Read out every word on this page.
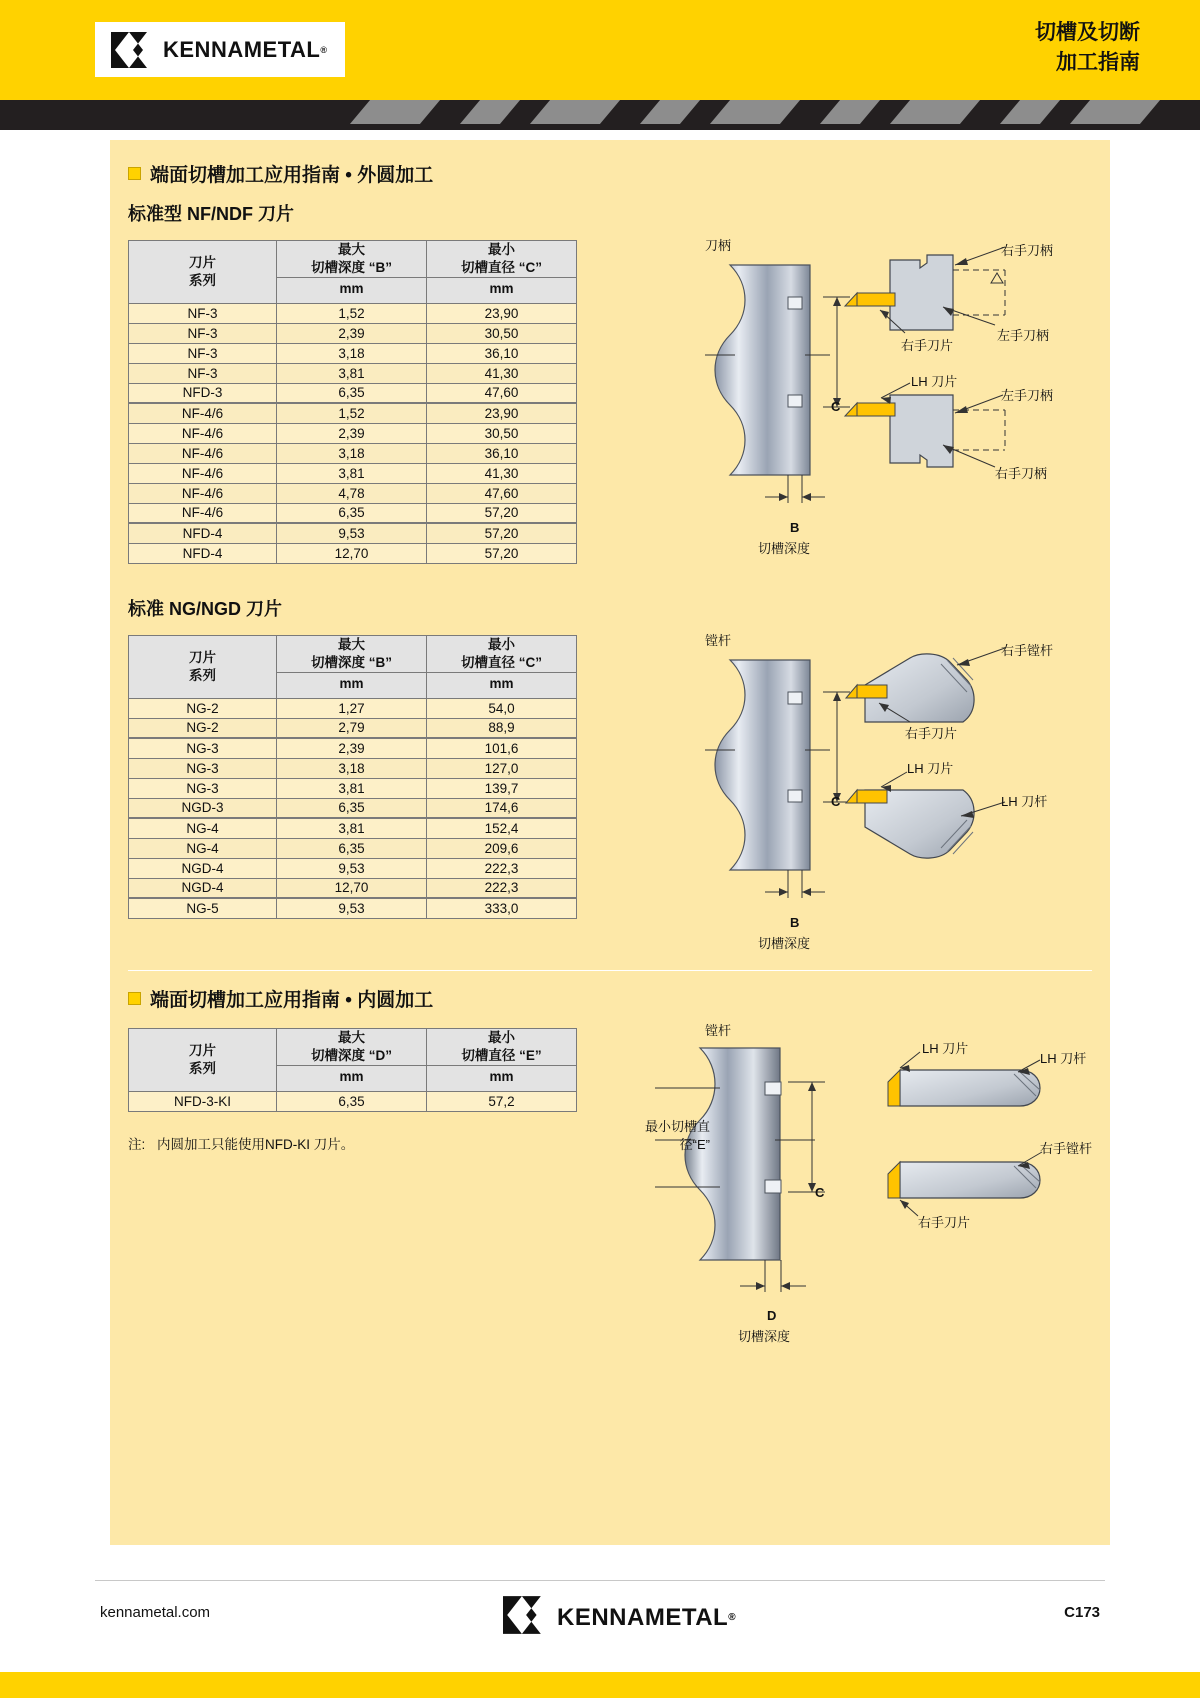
KENNAMETAL ®
切槽及切断
加工指南
端面切槽加工应用指南 • 外圆加工
标准型 NF/NDF 刀片
刀片
系列

最大
切槽深度 “B”

最小
切槽直径 “C”

	mm	mm
NF-3	1,52	23,90
NF-3	2,39	30,50
NF-3	3,18	36,10
NF-3	3,81	41,30
NFD-3	6,35	47,60
NF-4/6	1,52	23,90
NF-4/6	2,39	30,50
NF-4/6	3,18	36,10
NF-4/6	3,81	41,30
NF-4/6	4,78	47,60
NF-4/6	6,35	57,20
NFD-4	9,53	57,20
NFD-4	12,70	57,20
刀柄
C
B
切槽深度
右手刀柄
左手刀柄
右手刀片
LH 刀片
左手刀柄
右手刀柄
标准 NG/NGD 刀片
刀片
系列

最大
切槽深度 “B”

最小
切槽直径 “C”

	mm	mm
NG-2	1,27	54,0
NG-2	2,79	88,9
NG-3	2,39	101,6
NG-3	3,18	127,0
NG-3	3,81	139,7
NGD-3	6,35	174,6
NG-4	3,81	152,4
NG-4	6,35	209,6
NGD-4	9,53	222,3
NGD-4	12,70	222,3
NG-5	9,53	333,0
镗杆
C
B
切槽深度
右手镗杆
右手刀片
LH 刀片
LH 刀杆
端面切槽加工应用指南 • 内圆加工
刀片
系列

最大
切槽深度 “D”

最小
切槽直径 “E”

	mm	mm
NFD-3-KI	6,35	57,2
注: 内圆加工只能使用NFD-KI 刀片。
镗杆
C
D
切槽深度
最小切槽直
径“E”
LH 刀片
LH 刀杆
右手镗杆
右手刀片
kennametal.com	KENNAMETAL ®	C173
